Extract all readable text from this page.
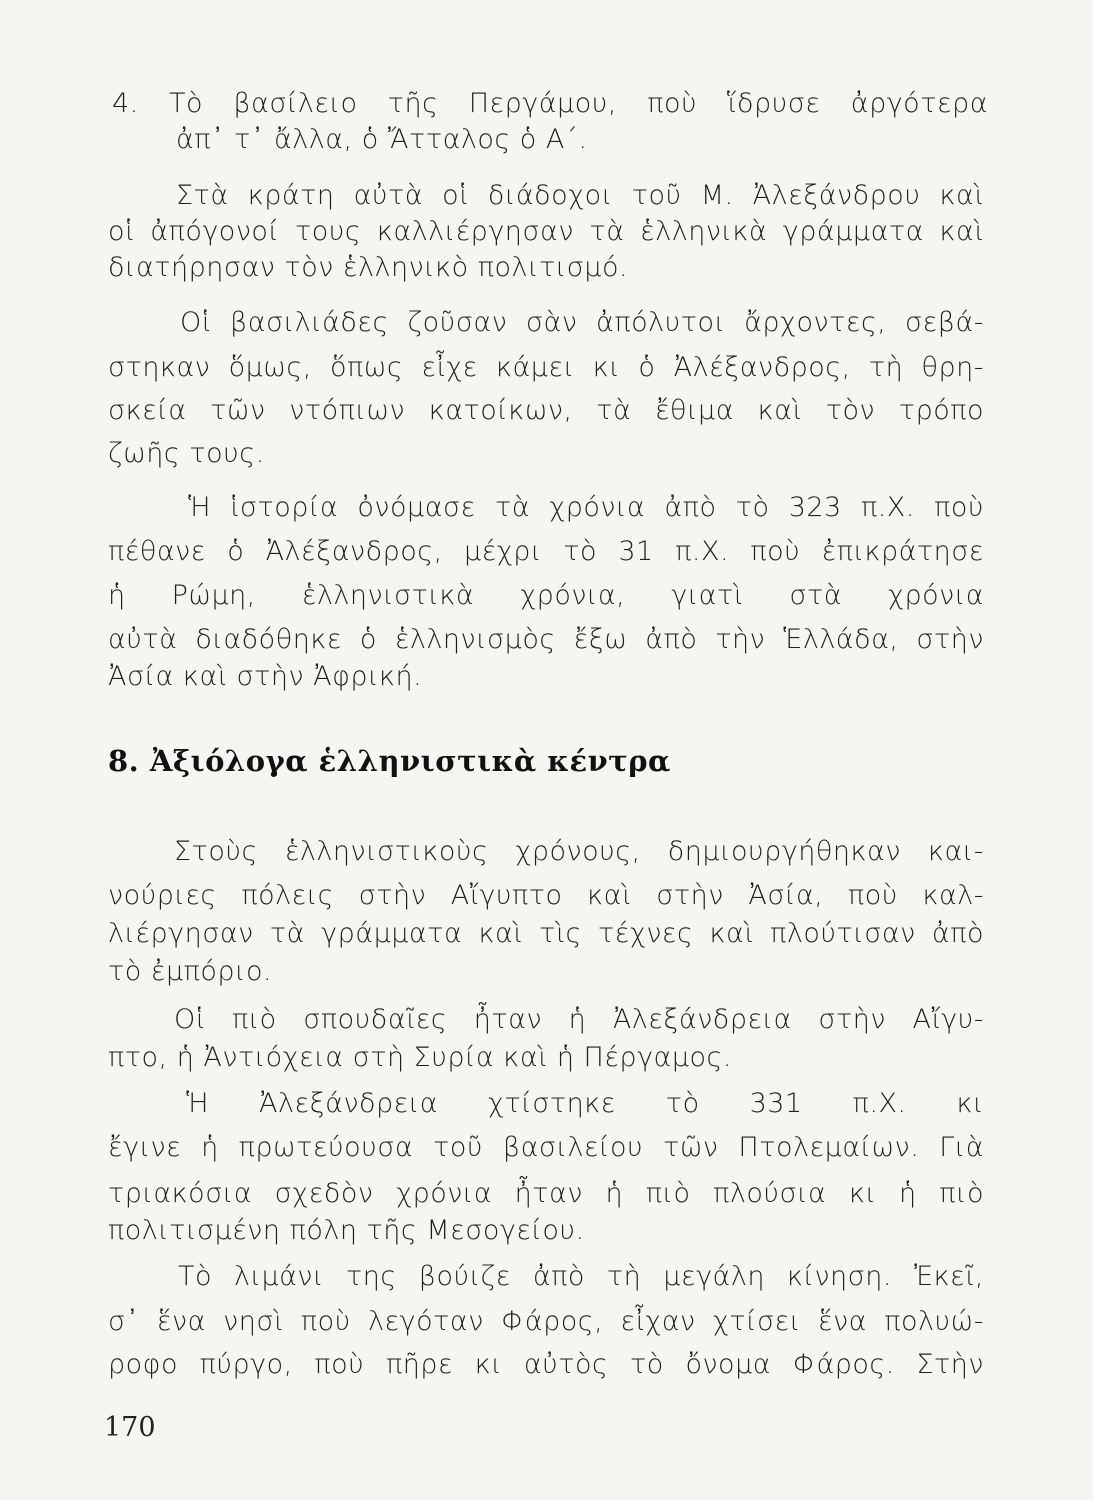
4. Τὸ βασίλειο τῆς Περγάμου, ποὺ ἵδρυσε ἀργότερα
ἀπ᾽ τ᾽ ἄλλα, ὁ Ἄτταλος ὁ Α΄.
Στὰ κράτη αὐτὰ οἱ διάδοχοι τοῦ Μ. Ἀλεξάνδρου καὶ
οἱ ἀπόγονοί τους καλλιέργησαν τὰ ἑλληνικὰ γράμματα καὶ
διατήρησαν τὸν ἑλληνικὸ πολιτισμό.
Οἱ βασιλιάδες ζοῦσαν σὰν ἀπόλυτοι ἄρχοντες, σεβά-
στηκαν ὅμως, ὅπως εἶχε κάμει κι ὁ Ἀλέξανδρος, τὴ θρη-
σκεία τῶν ντόπιων κατοίκων, τὰ ἔθιμα καὶ τὸν τρόπο
ζωῆς τους.
Ἡ ἱστορία ὀνόμασε τὰ χρόνια ἀπὸ τὸ 323 π.Χ. ποὺ
πέθανε ὁ Ἀλέξανδρος, μέχρι τὸ 31 π.Χ. ποὺ ἐπικράτησε
ἡ Ρώμη, ἑλληνιστικὰ χρόνια, γιατὶ στὰ χρόνια
αὐτὰ διαδόθηκε ὁ ἑλληνισμὸς ἔξω ἀπὸ τὴν Ἑλλάδα, στὴν
Ἀσία καὶ στὴν Ἀφρική.
8. Ἀξιόλογα ἑλληνιστικὰ κέντρα
Στοὺς ἑλληνιστικοὺς χρόνους, δημιουργήθηκαν και-
νούριες πόλεις στὴν Αἴγυπτο καὶ στὴν Ἀσία, ποὺ καλ-
λιέργησαν τὰ γράμματα καὶ τὶς τέχνες καὶ πλούτισαν ἀπὸ
τὸ ἐμπόριο.
Οἱ πιὸ σπουδαῖες ἦταν ἡ Ἀλεξάνδρεια στὴν Αἴγυ-
πτο, ἡ Ἀντιόχεια στὴ Συρία καὶ ἡ Πέργαμος.
Ἡ Ἀλεξάνδρεια χτίστηκε τὸ 331 π.Χ. κι
ἔγινε ἡ πρωτεύουσα τοῦ βασιλείου τῶν Πτολεμαίων. Γιὰ
τριακόσια σχεδὸν χρόνια ἦταν ἡ πιὸ πλούσια κι ἡ πιὸ
πολιτισμένη πόλη τῆς Μεσογείου.
Τὸ λιμάνι της βούιζε ἀπὸ τὴ μεγάλη κίνηση. Ἐκεῖ,
σ᾽ ἕνα νησὶ ποὺ λεγόταν Φάρος, εἶχαν χτίσει ἕνα πολυώ-
ροφο πύργο, ποὺ πῆρε κι αὐτὸς τὸ ὄνομα Φάρος. Στὴν
170
